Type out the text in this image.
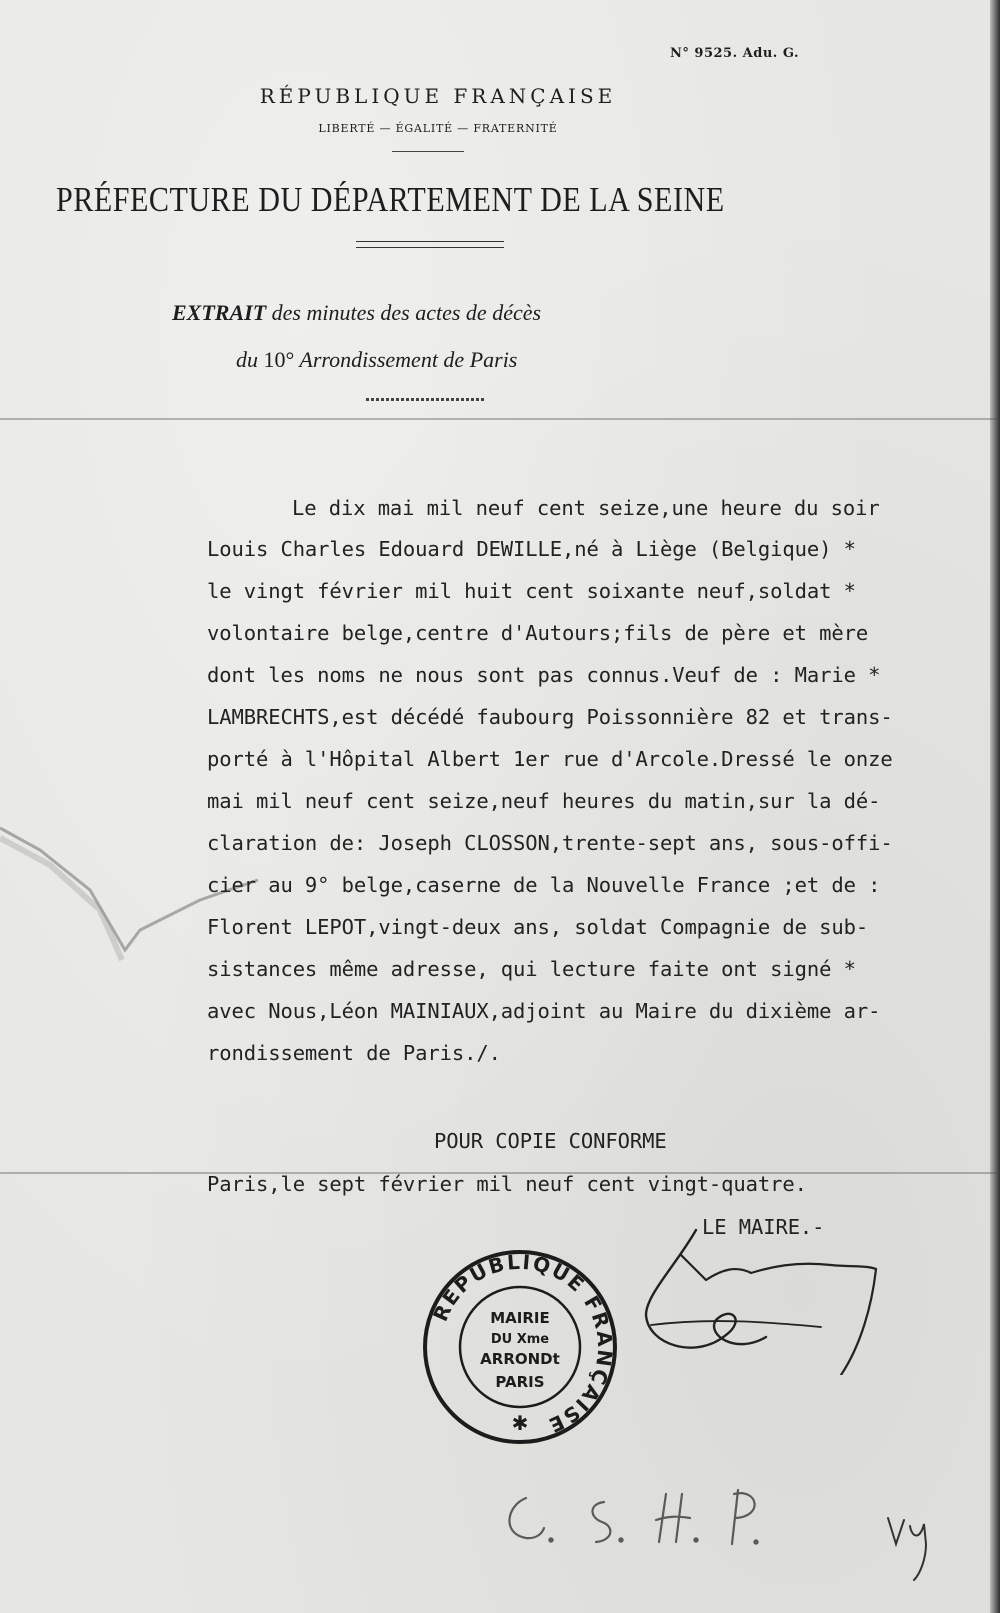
N° 9525. Adu. G.
RÉPUBLIQUE FRANÇAISE
LIBERTÉ — ÉGALITÉ — FRATERNITÉ
PRÉFECTURE DU DÉPARTEMENT DE LA SEINE
EXTRAIT des minutes des actes de décès
du 10° Arrondissement de Paris
Le dix mai mil neuf cent seize,une heure du soir
Louis Charles Edouard DEWILLE,né à Liège (Belgique) *
le vingt février mil huit cent soixante neuf,soldat *
volontaire belge,centre d'Autours;fils de père et mère
dont les noms ne nous sont pas connus.Veuf de : Marie *
LAMBRECHTS,est décédé faubourg Poissonnière 82 et trans-
porté à l'Hôpital Albert 1er rue d'Arcole.Dressé le onze
mai mil neuf cent seize,neuf heures du matin,sur la dé-
claration de: Joseph CLOSSON,trente-sept ans, sous-offi-
cier au 9° belge,caserne de la Nouvelle France ;et de :
Florent LEPOT,vingt-deux ans, soldat Compagnie de sub-
sistances même adresse, qui lecture faite ont signé *
avec Nous,Léon MAINIAUX,adjoint au Maire du dixième ar-
rondissement de Paris./.
POUR COPIE CONFORME
Paris,le sept février mil neuf cent vingt-quatre.
LE MAIRE.-
RÉPUBLIQUE FRANÇAISE
MAIRIE
DU Xme
ARRONDt
PARIS
✱
